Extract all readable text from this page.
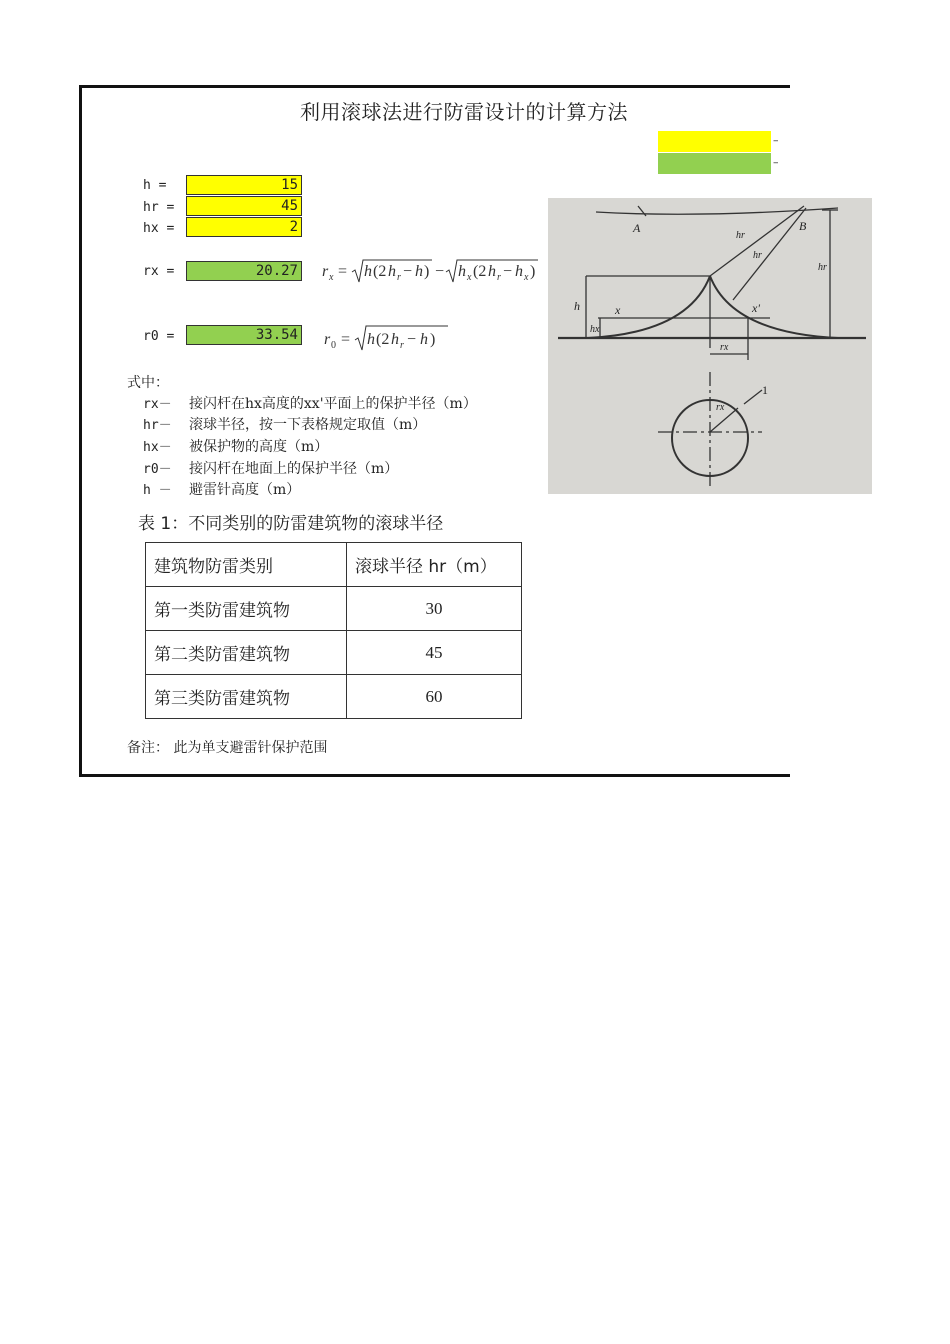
利用滚球法进行防雷设计的计算方法
–
–
h =	15
hr =	45
hx =	2
rx =	20.27
r0 =	33.54
r x = h (2 h r − h ) − h x (2 h r − h x )
r 0 = h (2 h r − h )
式中：
rx－ 接闪杆在hx高度的xx'平面上的保护半径（m）
hr－ 滚球半径，按一下表格规定取值（m）
hx－ 被保护物的高度（m）
r0－ 接闪杆在地面上的保护半径（m）
h － 避雷针高度（m）
表 1：不同类别的防雷建筑物的滚球半径
建筑物防雷类别	滚球半径 hr（m）
第一类防雷建筑物	30
第二类防雷建筑物	45
第三类防雷建筑物	60
备注： 此为单支避雷针保护范围
A	B
hr
hr
hr
h
hx
x	x'
rx
rx
1
